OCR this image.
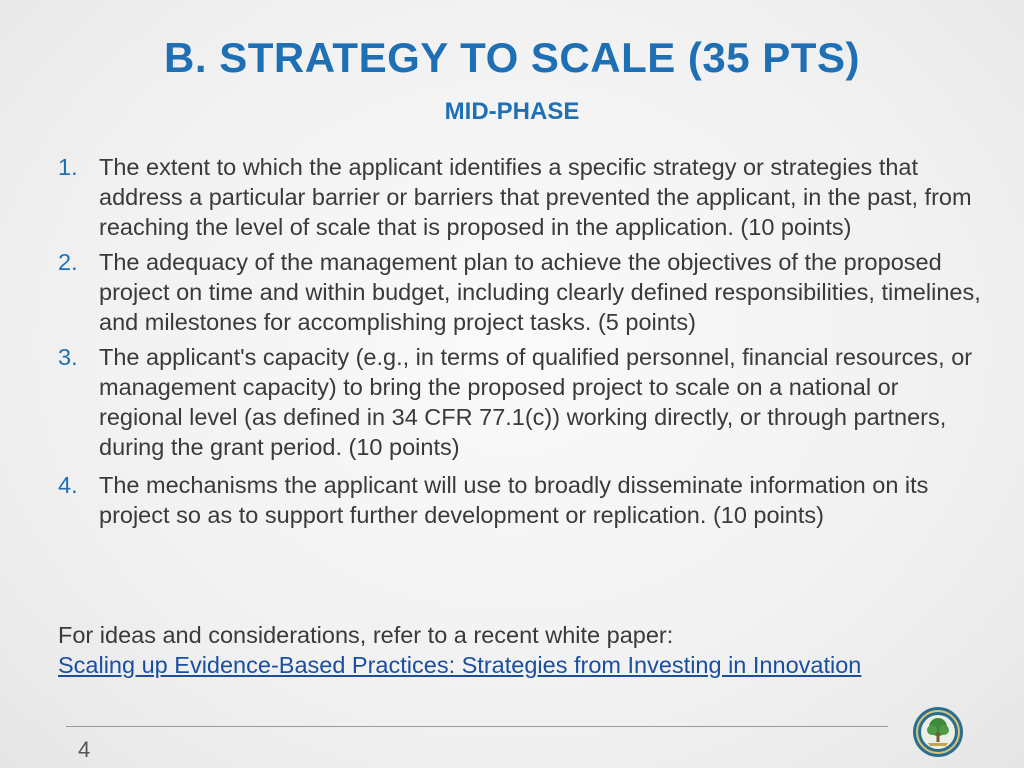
B. STRATEGY TO SCALE (35 PTS)
MID-PHASE
1. The extent to which the applicant identifies a specific strategy or strategies that address a particular barrier or barriers that prevented the applicant, in the past, from reaching the level of scale that is proposed in the application. (10 points)
2. The adequacy of the management plan to achieve the objectives of the proposed project on time and within budget, including clearly defined responsibilities, timelines, and milestones for accomplishing project tasks. (5 points)
3. The applicant's capacity (e.g., in terms of qualified personnel, financial resources, or management capacity) to bring the proposed project to scale on a national or regional level (as defined in 34 CFR 77.1(c)) working directly, or through partners, during the grant period. (10 points)
4. The mechanisms the applicant will use to broadly disseminate information on its project so as to support further development or replication. (10 points)
For ideas and considerations, refer to a recent white paper:
Scaling up Evidence-Based Practices: Strategies from Investing in Innovation
4
